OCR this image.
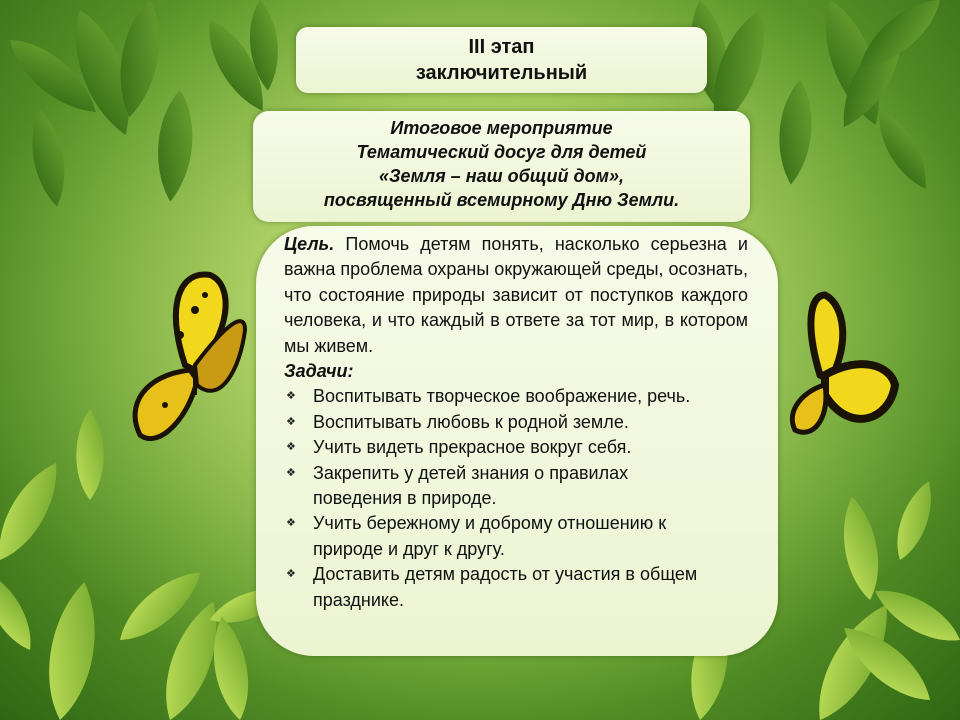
III этап
заключительный
Итоговое мероприятие
Тематический досуг для детей
«Земля – наш общий дом»,
посвященный всемирному Дню Земли.

Цель. Помочь детям понять, насколько серьезна и важна проблема охраны окружающей среды, осознать, что состояние природы зависит от поступков каждого человека, и что каждый в ответе за тот мир, в котором мы живем.

Задачи:

❖ Воспитывать творческое воображение, речь.
❖ Воспитывать любовь к родной земле.
❖ Учить видеть прекрасное вокруг себя.
❖ Закрепить у детей знания о правилах поведения в природе.
❖ Учить бережному и доброму отношению к природе и друг к другу.
❖ Доставить детям радость от участия в общем празднике.
